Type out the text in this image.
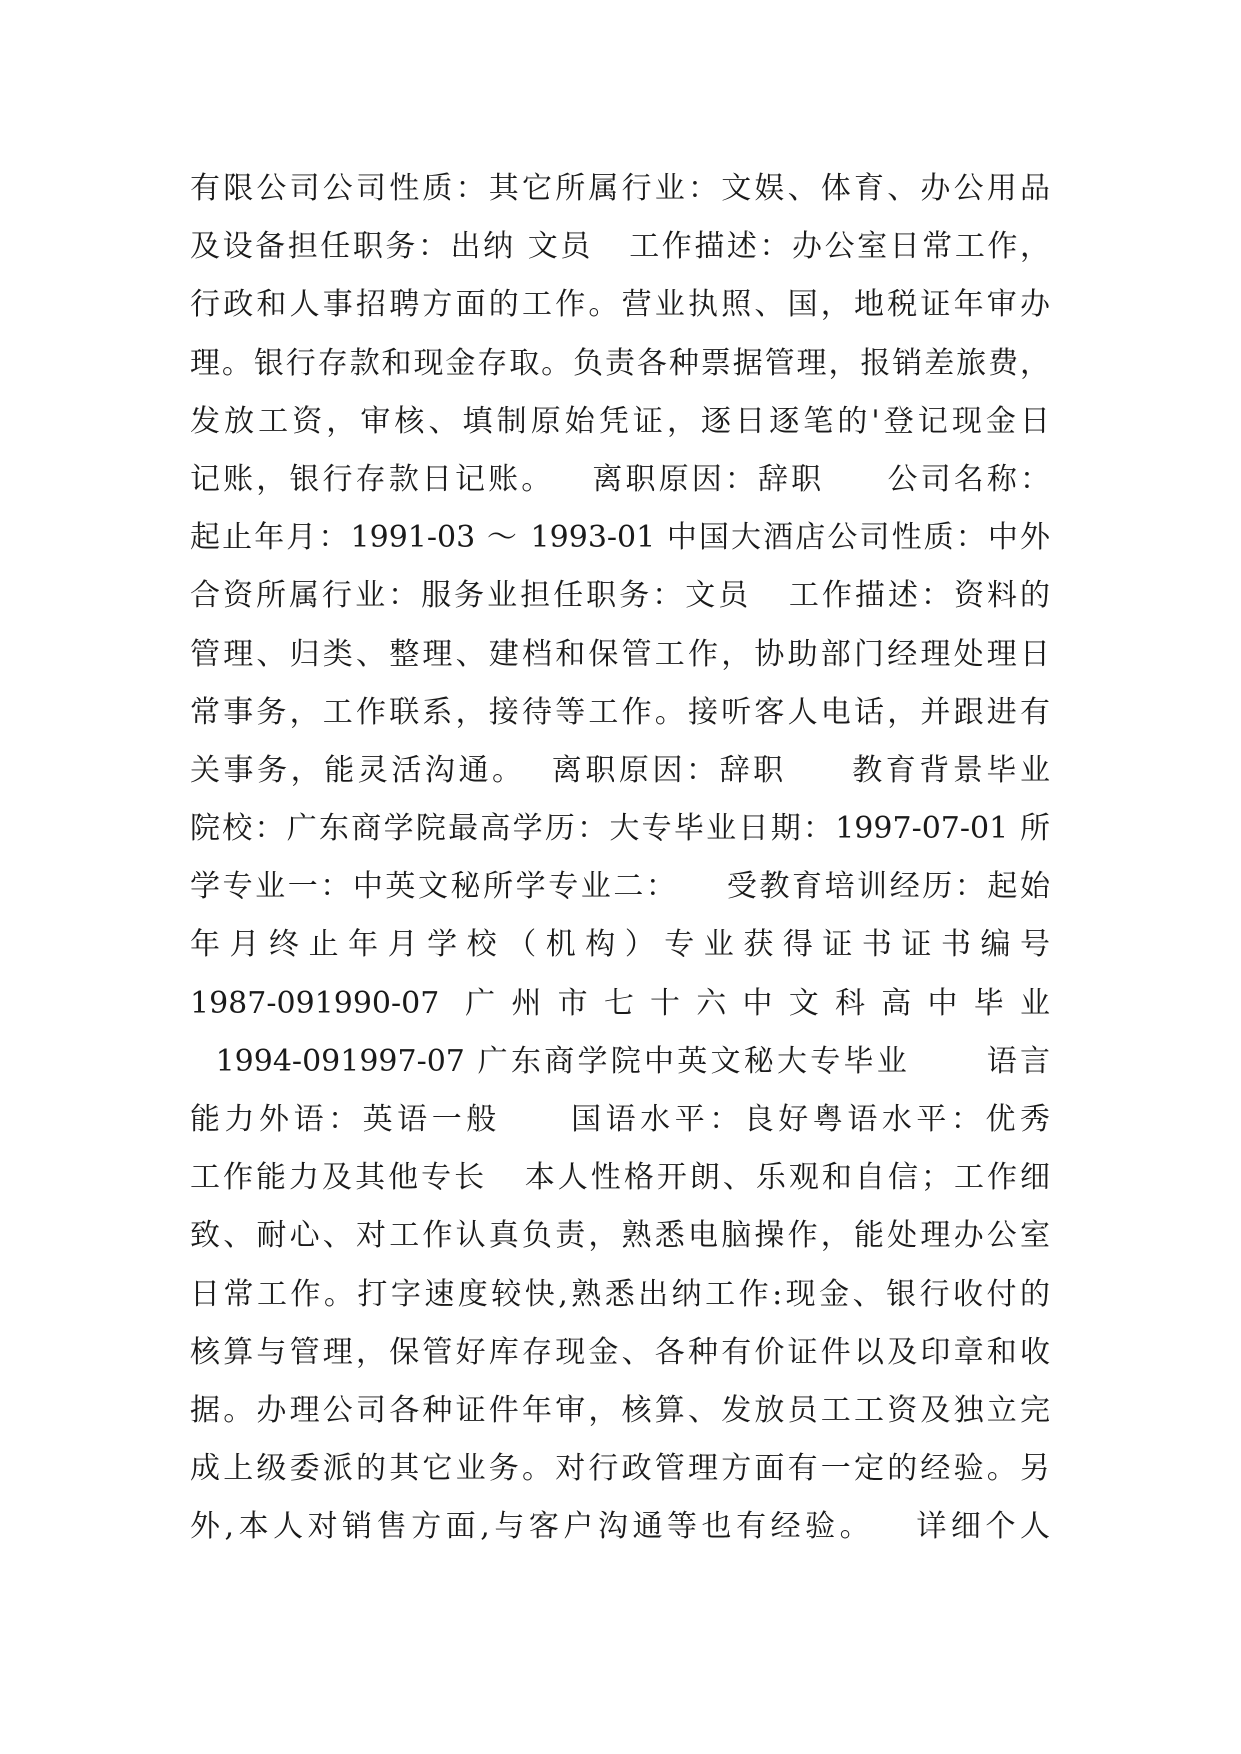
有限公司公司性质：其它所属行业：文娱、体育、办公用品
及设备担任职务：出纳 文员   工作描述：办公室日常工作，
行政和人事招聘方面的工作。营业执照、国，地税证年审办
理。银行存款和现金存取。负责各种票据管理，报销差旅费，
发放工资，审核、填制原始凭证，逐日逐笔的'登记现金日
记账，银行存款日记账。   离职原因：辞职     公司名称：
起止年月：1991-03 ～ 1993-01 中国大酒店公司性质：中外
合资所属行业：服务业担任职务：文员   工作描述：资料的
管理、归类、整理、建档和保管工作，协助部门经理处理日
常事务，工作联系，接待等工作。接听客人电话，并跟进有
关事务，能灵活沟通。  离职原因：辞职     教育背景毕业
院校：广东商学院最高学历：大专毕业日期：1997-07-01 所
学专业一：中英文秘所学专业二：    受教育培训经历：起始
年月终止年月学校（机构）专业获得证书证书编号
1987-091990-07 广州市七十六中文科高中毕业
1994-091997-07 广东商学院中英文秘大专毕业      语言
能力外语：英语一般     国语水平：良好粤语水平：优秀
工作能力及其他专长   本人性格开朗、乐观和自信；工作细
致、耐心、对工作认真负责，熟悉电脑操作，能处理办公室
日常工作。打字速度较快,熟悉出纳工作:现金、银行收付的
核算与管理，保管好库存现金、各种有价证件以及印章和收
据。办理公司各种证件年审，核算、发放员工工资及独立完
成上级委派的其它业务。对行政管理方面有一定的经验。另
外,本人对销售方面,与客户沟通等也有经验。   详细个人
